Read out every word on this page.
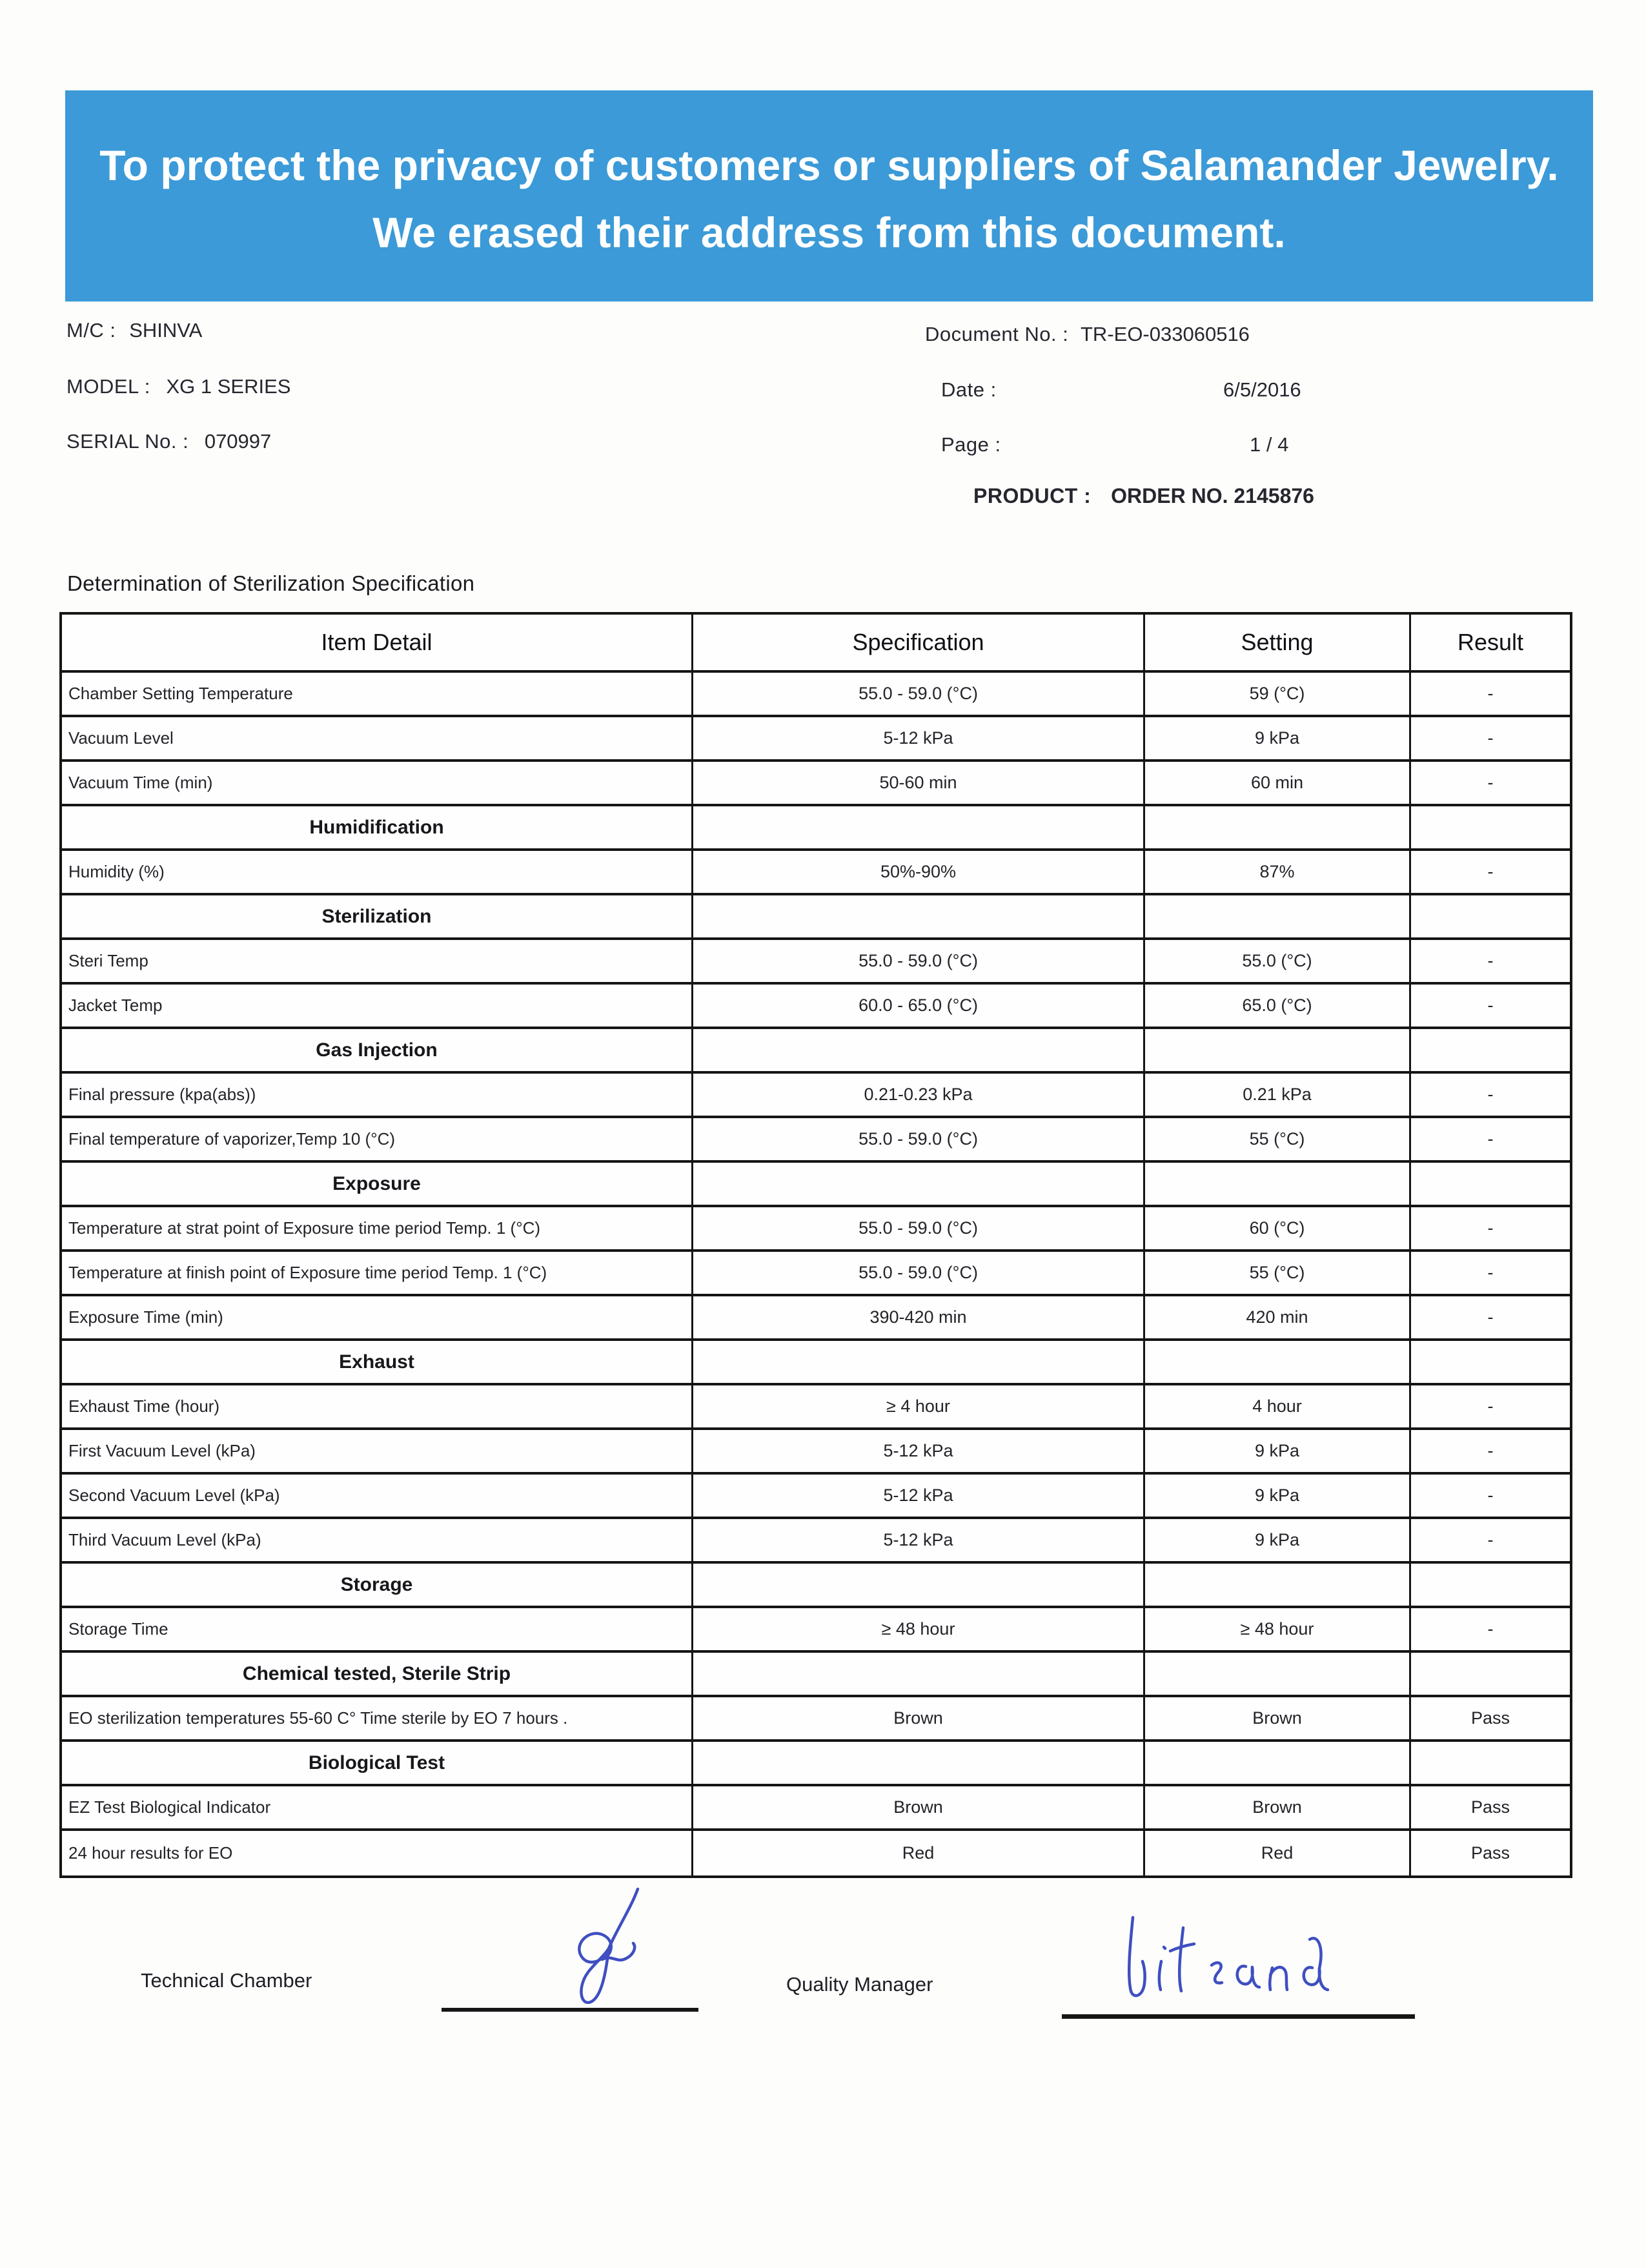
To protect the privacy of customers or suppliers of Salamander Jewelry.
We erased their address from this document.
M/C : SHINVA
MODEL : XG 1 SERIES
SERIAL No. : 070997
Document No. : TR-EO-033060516
Date :	6/5/2016
Page :	1 / 4
PRODUCT : ORDER NO. 2145876
Determination of Sterilization Specification
Item Detail	Specification	Setting	Result
Chamber Setting Temperature	55.0 - 59.0 (°C)	59 (°C)	-
Vacuum Level	5-12 kPa	9 kPa	-
Vacuum Time (min)	50-60 min	60 min	-
Humidification
Humidity (%)	50%-90%	87%	-
Sterilization
Steri Temp	55.0 - 59.0 (°C)	55.0 (°C)	-
Jacket Temp	60.0 - 65.0 (°C)	65.0 (°C)	-
Gas Injection
Final pressure (kpa(abs))	0.21-0.23 kPa	0.21 kPa	-
Final temperature of vaporizer,Temp 10 (°C)	55.0 - 59.0 (°C)	55 (°C)	-
Exposure
Temperature at strat point of Exposure time period Temp. 1 (°C)	55.0 - 59.0 (°C)	60 (°C)	-
Temperature at finish point of Exposure time period Temp. 1 (°C)	55.0 - 59.0 (°C)	55 (°C)	-
Exposure Time (min)	390-420 min	420 min	-
Exhaust
Exhaust Time (hour)	≥ 4 hour	4 hour	-
First Vacuum Level (kPa)	5-12 kPa	9 kPa	-
Second Vacuum Level (kPa)	5-12 kPa	9 kPa	-
Third Vacuum Level (kPa)	5-12 kPa	9 kPa	-
Storage
Storage Time	≥ 48 hour	≥ 48 hour	-
Chemical tested, Sterile Strip
EO sterilization temperatures 55-60 C° Time sterile by EO 7 hours .	Brown	Brown	Pass
Biological Test
EZ Test Biological Indicator	Brown	Brown	Pass
24 hour results for EO	Red	Red	Pass
Technical Chamber	Quality Manager
